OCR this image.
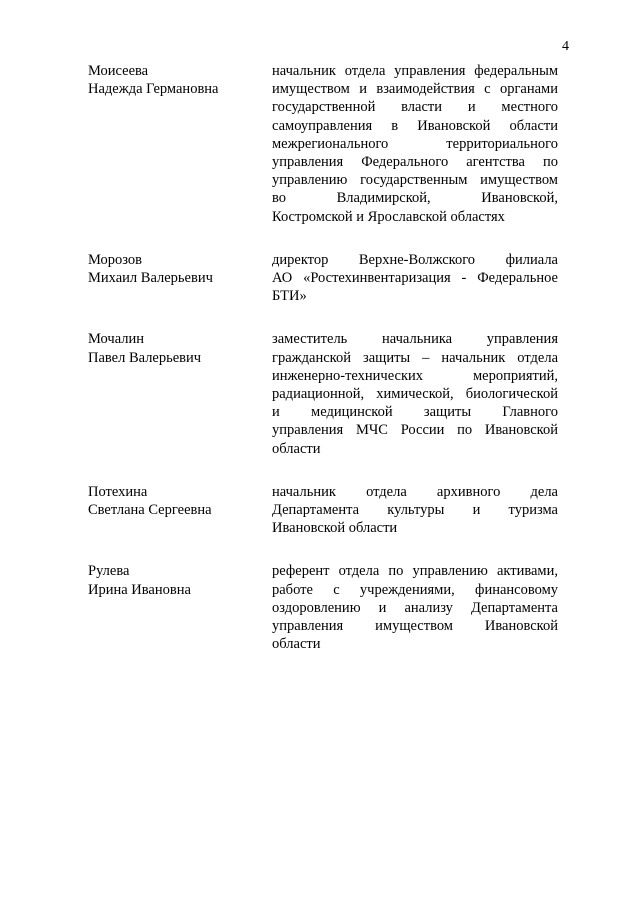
4
Моисеева
Надежда Германовна
начальник отдела управления федеральным
имуществом и взаимодействия с органами
государственной власти и местного
самоуправления в Ивановской области
межрегионального территориального
управления Федерального агентства по
управлению государственным имуществом
во Владимирской, Ивановской,
Костромской и Ярославской областях
Морозов
Михаил Валерьевич
директор Верхне-Волжского филиала
АО «Ростехинвентаризация - Федеральное
БТИ»
Мочалин
Павел Валерьевич
заместитель начальника управления
гражданской защиты – начальник отдела
инженерно-технических мероприятий,
радиационной, химической, биологической
и медицинской защиты Главного
управления МЧС России по Ивановской
области
Потехина
Светлана Сергеевна
начальник отдела архивного дела
Департамента культуры и туризма
Ивановской области
Рулева
Ирина Ивановна
референт отдела по управлению активами,
работе с учреждениями, финансовому
оздоровлению и анализу Департамента
управления имуществом Ивановской
области
